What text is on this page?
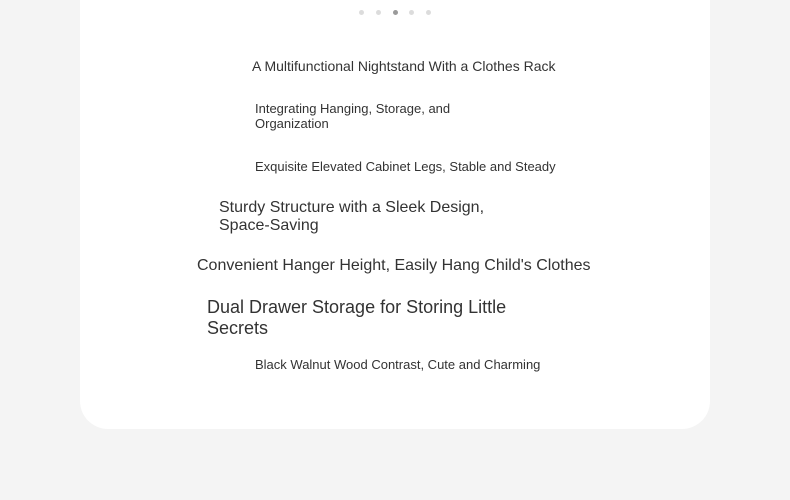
A Multifunctional Nightstand With a Clothes Rack
Integrating Hanging, Storage, and
Organization
Exquisite Elevated Cabinet Legs, Stable and Steady
Sturdy Structure with a Sleek Design,
Space-Saving
Convenient Hanger Height, Easily Hang Child's Clothes
Dual Drawer Storage for Storing Little
Secrets
Black Walnut Wood Contrast, Cute and Charming
